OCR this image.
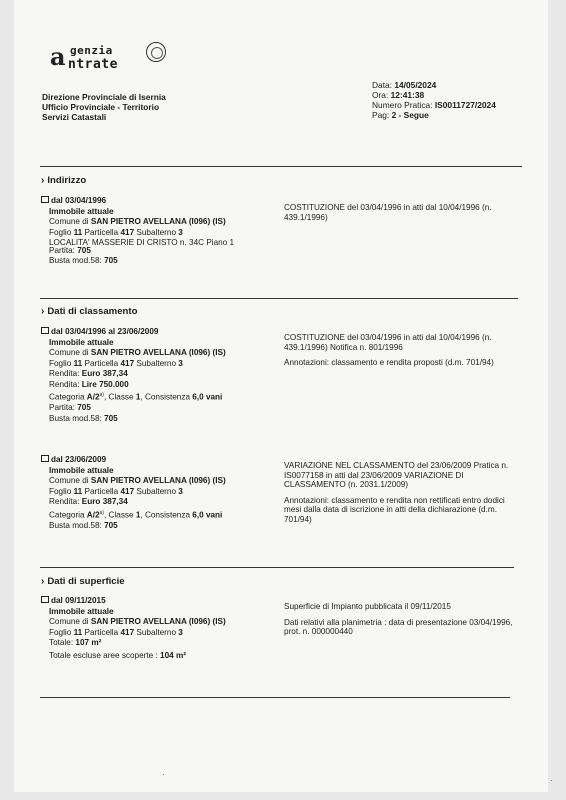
a genzia
ntrate
Direzione Provinciale di Isernia
Ufficio Provinciale - Territorio
Servizi Catastali
Data: 14/05/2024
Ora: 12:41:38
Numero Pratica: IS0011727/2024
Pag: 2 - Segue
› Indirizzo
dal 03/04/1996
Immobile attuale
Comune di SAN PIETRO AVELLANA (I096) (IS)
Foglio 11 Particella 417 Subalterno 3
LOCALITA' MASSERIE DI CRISTO n. 34C Piano 1
Partita: 705
Busta mod.58: 705

COSTITUZIONE del 03/04/1996 in atti dal 10/04/1996 (n. 439.1/1996)

› Dati di classamento
dal 03/04/1996 al 23/06/2009
Immobile attuale
Comune di SAN PIETRO AVELLANA (I096) (IS)
Foglio 11 Particella 417 Subalterno 3
Rendita: Euro 387,34
Rendita: Lire 750.000
Categoria A/2$^{a)}$, Classe 1, Consistenza 6,0 vani
Partita: 705
Busta mod.58: 705

COSTITUZIONE del 03/04/1996 in atti dal 10/04/1996 (n. 439.1/1996) Notifica n. 801/1996

Annotazioni: classamento e rendita proposti (d.m. 701/94)

dal 23/06/2009
Immobile attuale
Comune di SAN PIETRO AVELLANA (I096) (IS)
Foglio 11 Particella 417 Subalterno 3
Rendita: Euro 387,34
Categoria A/2$^{a)}$, Classe 1, Consistenza 6,0 vani
Busta mod.58: 705

VARIAZIONE NEL CLASSAMENTO del 23/06/2009 Pratica n. IS0077158 in atti dal 23/06/2009 VARIAZIONE DI CLASSAMENTO (n. 2031.1/2009)

Annotazioni: classamento e rendita non rettificati entro dodici mesi dalla data di iscrizione in atti della dichiarazione (d.m. 701/94)

› Dati di superficie
dal 09/11/2015
Immobile attuale
Comune di SAN PIETRO AVELLANA (I096) (IS)
Foglio 11 Particella 417 Subalterno 3
Totale: 107 m²
Totale escluse aree scoperte : 104 m²

Superficie di Impianto pubblicata il 09/11/2015

Dati relativi alla planimetria : data di presentazione 03/04/1996, prot. n. 000000440

·
·
